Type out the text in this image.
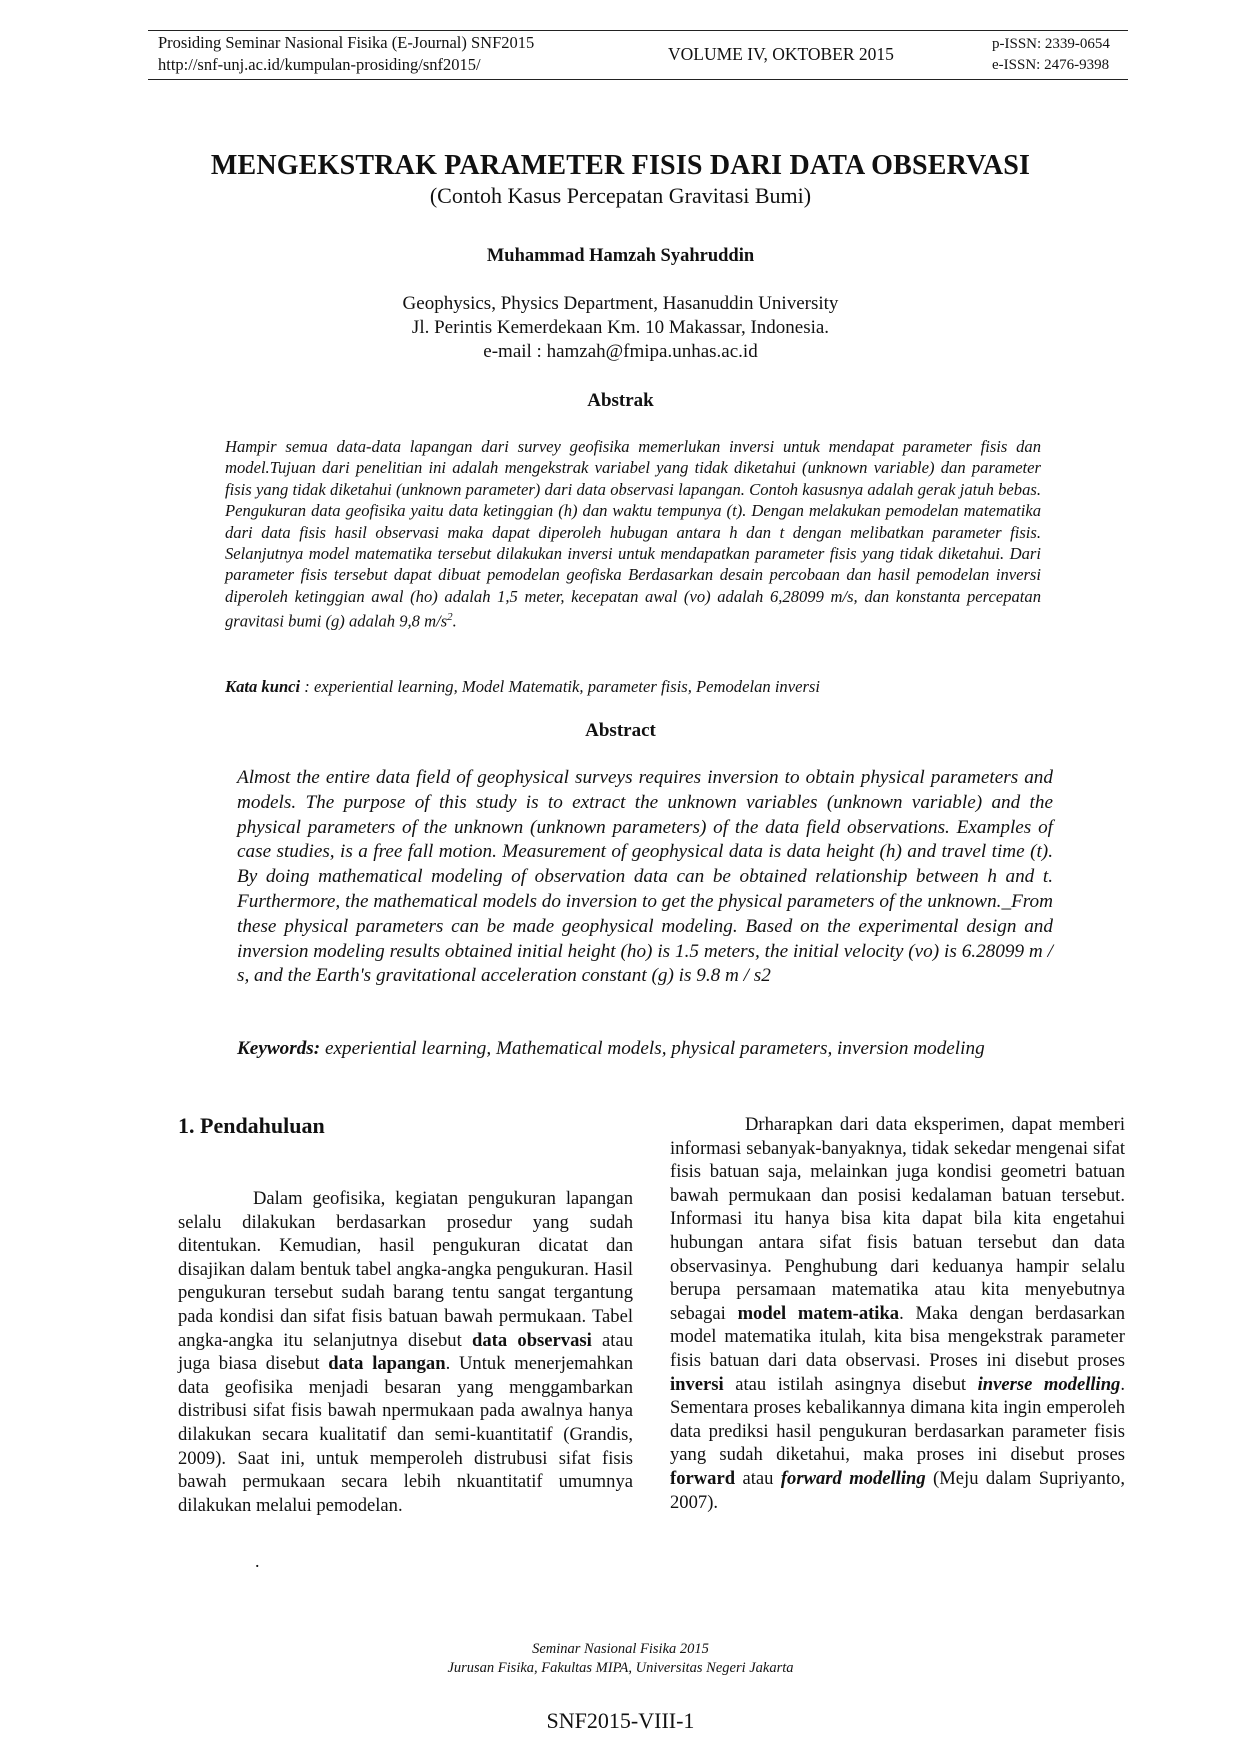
Prosiding Seminar Nasional Fisika (E-Journal) SNF2015
http://snf-unj.ac.id/kumpulan-prosiding/snf2015/
VOLUME IV, OKTOBER 2015	p-ISSN: 2339-0654
e-ISSN: 2476-9398
MENGEKSTRAK PARAMETER FISIS DARI DATA OBSERVASI
(Contoh Kasus Percepatan Gravitasi Bumi)
Muhammad Hamzah Syahruddin
Geophysics, Physics Department, Hasanuddin University
Jl. Perintis Kemerdekaan Km. 10 Makassar, Indonesia.
e-mail : hamzah@fmipa.unhas.ac.id
Abstrak
Hampir semua data-data lapangan dari survey geofisika memerlukan inversi untuk mendapat parameter fisis dan model.Tujuan dari penelitian ini adalah mengekstrak variabel yang tidak diketahui (unknown variable) dan parameter fisis yang tidak diketahui (unknown parameter) dari data observasi lapangan. Contoh kasusnya adalah gerak jatuh bebas. Pengukuran data geofisika yaitu data ketinggian (h) dan waktu tempunya (t). Dengan melakukan pemodelan matematika dari data fisis hasil observasi maka dapat diperoleh hubugan antara h dan t dengan melibatkan parameter fisis. Selanjutnya model matematika tersebut dilakukan inversi untuk mendapatkan parameter fisis yang tidak diketahui. Dari parameter fisis tersebut dapat dibuat pemodelan geofiska Berdasarkan desain percobaan dan hasil pemodelan inversi diperoleh ketinggian awal (ho) adalah 1,5 meter, kecepatan awal (vo) adalah 6,28099 m/s, dan konstanta percepatan gravitasi bumi (g) adalah 9,8 $m/s^2$.
Kata kunci : experiential learning, Model Matematik, parameter fisis, Pemodelan inversi
Abstract
Almost the entire data field of geophysical surveys requires inversion to obtain physical parameters and models. The purpose of this study is to extract the unknown variables (unknown variable) and the physical parameters of the unknown (unknown parameters) of the data field observations. Examples of case studies, is a free fall motion. Measurement of geophysical data is data height (h) and travel time (t). By doing mathematical modeling of observation data can be obtained relationship between h and t. Furthermore, the mathematical models do inversion to get the physical parameters of the unknown._From these physical parameters can be made geophysical modeling. Based on the experimental design and inversion modeling results obtained initial height (ho) is 1.5 meters, the initial velocity (vo) is 6.28099 m / s, and the Earth's gravitational acceleration constant (g) is 9.8 m / s2
Keywords: experiential learning, Mathematical models, physical parameters, inversion modeling
1. Pendahuluan

Dalam geofisika, kegiatan pengukuran lapangan selalu dilakukan berdasarkan prosedur yang sudah ditentukan. Kemudian, hasil pengukuran dicatat dan disajikan dalam bentuk tabel angka-angka pengukuran. Hasil pengukuran tersebut sudah barang tentu sangat tergantung pada kondisi dan sifat fisis batuan bawah permukaan. Tabel angka-angka itu selanjutnya disebut data observasi atau juga biasa disebut data lapangan. Untuk menerjemahkan data geofisika menjadi besaran yang menggambarkan distribusi sifat fisis bawah npermukaan pada awalnya hanya dilakukan secara kualitatif dan semi-kuantitatif (Grandis, 2009). Saat ini, untuk memperoleh distrubusi sifat fisis bawah permukaan secara lebih nkuantitatif umumnya dilakukan melalui pemodelan.

.

Drharapkan dari data eksperimen, dapat memberi informasi sebanyak-banyaknya, tidak sekedar mengenai sifat fisis batuan saja, melainkan juga kondisi geometri batuan bawah permukaan dan posisi kedalaman batuan tersebut. Informasi itu hanya bisa kita dapat bila kita engetahui hubungan antara sifat fisis batuan tersebut dan data observasinya. Penghubung dari keduanya hampir selalu berupa persamaan matematika atau kita menyebutnya sebagai model matem-atika. Maka dengan berdasarkan model matematika itulah, kita bisa mengekstrak parameter fisis batuan dari data observasi. Proses ini disebut proses inversi atau istilah asingnya disebut inverse modelling. Sementara proses kebalikannya dimana kita ingin emperoleh data prediksi hasil pengukuran berdasarkan parameter fisis yang sudah diketahui, maka proses ini disebut proses forward atau forward modelling (Meju dalam Supriyanto, 2007).

Seminar Nasional Fisika 2015
Jurusan Fisika, Fakultas MIPA, Universitas Negeri Jakarta
SNF2015-VIII-1
